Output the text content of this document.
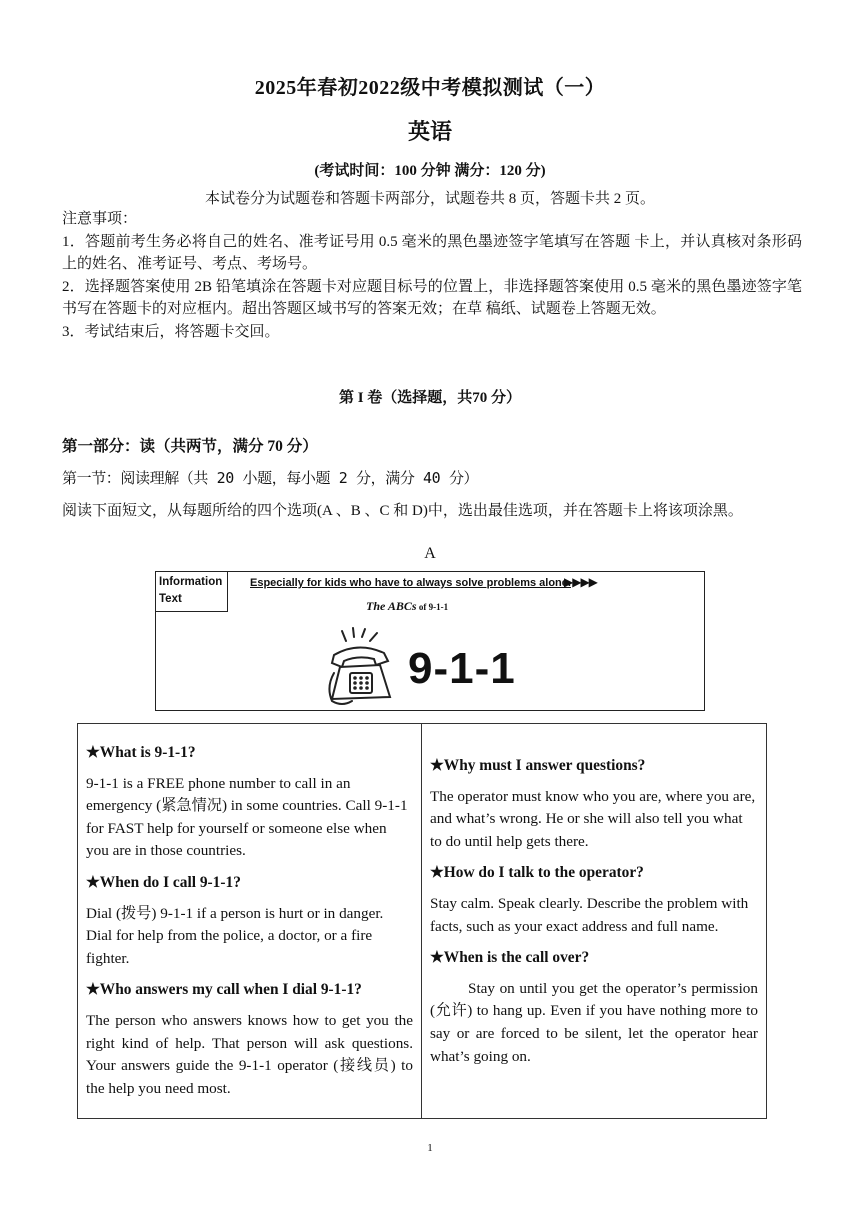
2025年春初2022级中考模拟测试（一）
英语
(考试时间：100 分钟 满分：120 分)
本试卷分为试题卷和答题卡两部分，试题卷共 8 页，答题卡共 2 页。

注意事项：

1．答题前考生务必将自己的姓名、准考证号用 0.5 毫米的黑色墨迹签字笔填写在答题 卡上，并认真核对条形码上的姓名、准考证号、考点、考场号。

2．选择题答案使用 2B 铅笔填涂在答题卡对应题目标号的位置上，非选择题答案使用 0.5 毫米的黑色墨迹签字笔书写在答题卡的对应框内。超出答题区域书写的答案无效；在草 稿纸、试题卷上答题无效。

3．考试结束后，将答题卡交回。

第 I 卷（选择题，共70 分）
第一部分：读（共两节，满分 70 分）
第一节：阅读理解（共 20 小题，每小题 2 分，满分 40 分）
阅读下面短文，从每题所给的四个选项(A 、B 、C 和 D)中，选出最佳选项，并在答题卡上将该项涂黑。
A
Information
Text
Especially for kids who have to always solve problems alone.
▶▶▶▶
The ABCs of 9-1-1
9-1-1
★What is 9-1-1?

9-1-1 is a FREE phone number to call in an emergency (紧急情况) in some countries. Call 9-1-1 for FAST help for yourself or someone else when you are in those countries.

★When do I call 9-1-1?

Dial (拨号) 9-1-1 if a person is hurt or in danger. Dial for help from the police, a doctor, or a fire fighter.

★Who answers my call when I dial 9-1-1?

The person who answers knows how to get you the right kind of help. That person will ask questions. Your answers guide the 9-1-1 operator (接线员) to the help you need most.

★Why must I answer questions?

The operator must know who you are, where you are, and what’s wrong. He or she will also tell you what to do until help gets there.

★How do I talk to the operator?

Stay calm. Speak clearly. Describe the problem with facts, such as your exact address and full name.

★When is the call over?

Stay on until you get the operator’s permission (允许) to hang up. Even if you have nothing more to say or are forced to be silent, let the operator hear what’s going on.

1
